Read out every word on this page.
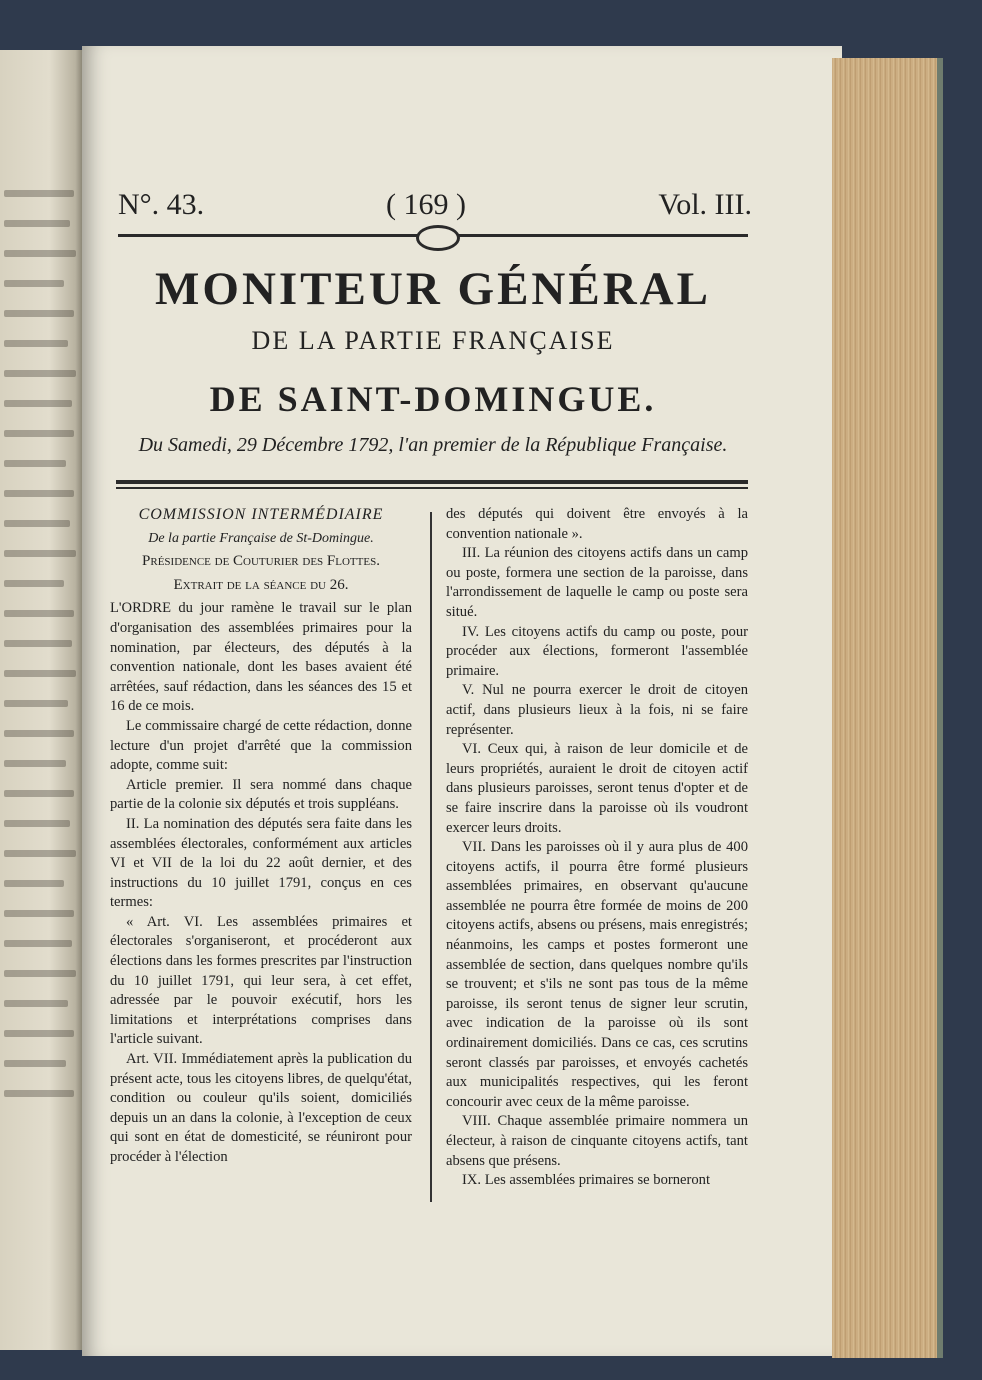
N°. 43.	( 169 )	Vol. III.
MONITEUR GÉNÉRAL
DE LA PARTIE FRANÇAISE
DE SAINT-DOMINGUE.
Du Samedi, 29 Décembre 1792, l'an premier de la République Française.

COMMISSION INTERMÉDIAIRE

De la partie Française de St-Domingue.

Présidence de Couturier des Flottes.

Extrait de la séance du 26.

L'ORDRE du jour ramène le travail sur le plan d'organisation des assemblées primaires pour la nomination, par électeurs, des députés à la convention nationale, dont les bases avaient été arrêtées, sauf rédaction, dans les séances des 15 et 16 de ce mois.

Le commissaire chargé de cette rédaction, donne lecture d'un projet d'arrêté que la commission adopte, comme suit:

Article premier. Il sera nommé dans chaque partie de la colonie six députés et trois suppléans.

II. La nomination des députés sera faite dans les assemblées électorales, conformément aux articles VI et VII de la loi du 22 août dernier, et des instructions du 10 juillet 1791, conçus en ces termes:

« Art. VI. Les assemblées primaires et électorales s'organiseront, et procéderont aux élections dans les formes prescrites par l'instruction du 10 juillet 1791, qui leur sera, à cet effet, adressée par le pouvoir exécutif, hors les limitations et interprétations comprises dans l'article suivant.

Art. VII. Immédiatement après la publication du présent acte, tous les citoyens libres, de quelqu'état, condition ou couleur qu'ils soient, domiciliés depuis un an dans la colonie, à l'exception de ceux qui sont en état de domesticité, se réuniront pour procéder à l'élection

des députés qui doivent être envoyés à la convention nationale ».

III. La réunion des citoyens actifs dans un camp ou poste, formera une section de la paroisse, dans l'arrondissement de laquelle le camp ou poste sera situé.

IV. Les citoyens actifs du camp ou poste, pour procéder aux élections, formeront l'assemblée primaire.

V. Nul ne pourra exercer le droit de citoyen actif, dans plusieurs lieux à la fois, ni se faire représenter.

VI. Ceux qui, à raison de leur domicile et de leurs propriétés, auraient le droit de citoyen actif dans plusieurs paroisses, seront tenus d'opter et de se faire inscrire dans la paroisse où ils voudront exercer leurs droits.

VII. Dans les paroisses où il y aura plus de 400 citoyens actifs, il pourra être formé plusieurs assemblées primaires, en observant qu'aucune assemblée ne pourra être formée de moins de 200 citoyens actifs, absens ou présens, mais enregistrés; néanmoins, les camps et postes formeront une assemblée de section, dans quelques nombre qu'ils se trouvent; et s'ils ne sont pas tous de la même paroisse, ils seront tenus de signer leur scrutin, avec indication de la paroisse où ils sont ordinairement domiciliés. Dans ce cas, ces scrutins seront classés par paroisses, et envoyés cachetés aux municipalités respectives, qui les feront concourir avec ceux de la même paroisse.

VIII. Chaque assemblée primaire nommera un électeur, à raison de cinquante citoyens actifs, tant absens que présens.

IX. Les assemblées primaires se borneront
